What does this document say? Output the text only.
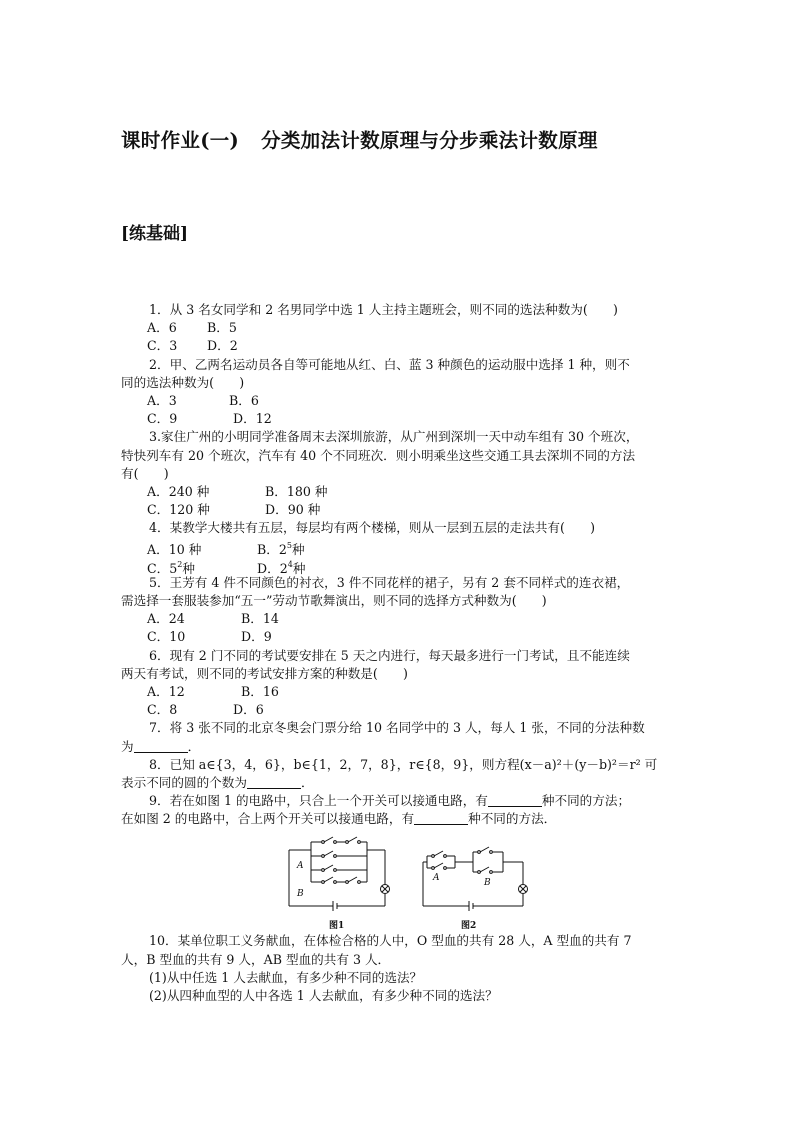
课时作业(一) 分类加法计数原理与分步乘法计数原理
[练基础]
1．从 3 名女同学和 2 名男同学中选 1 人主持主题班会，则不同的选法种数为(　　)
A．6 B．5
C．3 D．2
2．甲、乙两名运动员各自等可能地从红、白、蓝 3 种颜色的运动服中选择 1 种，则不
同的选法种数为(　　)
A．3	B．6
C．9	D．12
3.家住广州的小明同学准备周末去深圳旅游，从广州到深圳一天中动车组有 30 个班次，
特快列车有 20 个班次，汽车有 40 个不同班次．则小明乘坐这些交通工具去深圳不同的方法
有(　　)
A．240 种	B．180 种
C．120 种	D．90 种
4．某教学大楼共有五层，每层均有两个楼梯，则从一层到五层的走法共有(　　)
A．10 种	B．$2^5$种
C．$5^2$种	D．$2^4$种
5．王芳有 4 件不同颜色的衬衣，3 件不同花样的裙子，另有 2 套不同样式的连衣裙，
需选择一套服装参加“五一”劳动节歌舞演出，则不同的选择方式种数为(　　)
A．24	B．14
C．10	D．9
6．现有 2 门不同的考试要安排在 5 天之内进行，每天最多进行一门考试，且不能连续
两天有考试，则不同的考试安排方案的种数是(　　)
A．12	B．16
C．8	D．6
7．将 3 张不同的北京冬奥会门票分给 10 名同学中的 3 人，每人 1 张，不同的分法种数
为	．
8．已知 a∈{3，4，6}，b∈{1，2，7，8}，r∈{8，9}，则方程(x－a)²＋(y－b)²＝r² 可
表示不同的圆的个数为	．
9．若在如图 1 的电路中，只合上一个开关可以接通电路，有	种不同的方法；
在如图 2 的电路中，合上两个开关可以接通电路，有	种不同的方法．
A
B
A	B
图1	图2
10．某单位职工义务献血，在体检合格的人中，O 型血的共有 28 人，A 型血的共有 7
人，B 型血的共有 9 人，AB 型血的共有 3 人．
(1)从中任选 1 人去献血，有多少种不同的选法？
(2)从四种血型的人中各选 1 人去献血，有多少种不同的选法？
